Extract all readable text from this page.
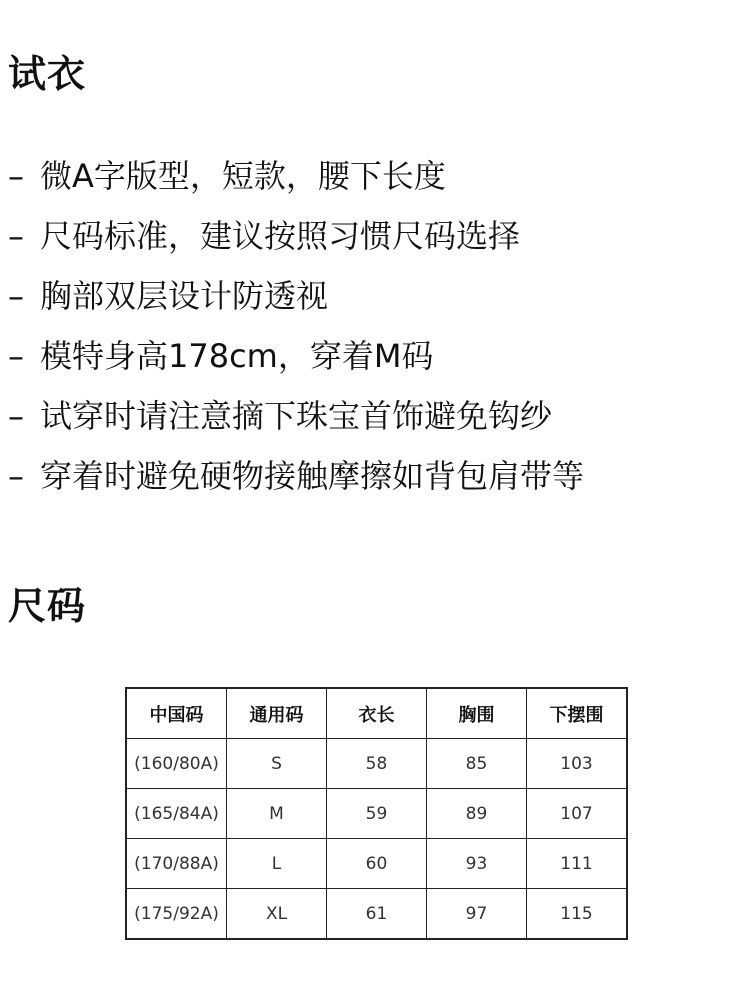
试衣
– 微A字版型，短款，腰下长度
– 尺码标准，建议按照习惯尺码选择
– 胸部双层设计防透视
– 模特身高178cm，穿着M码
– 试穿时请注意摘下珠宝首饰避免钩纱
– 穿着时避免硬物接触摩擦如背包肩带等
尺码
中国码	通用码	衣长	胸围	下摆围
(160/80A)	S	58	85	103
(165/84A)	M	59	89	107
(170/88A)	L	60	93	111
(175/92A)	XL	61	97	115
